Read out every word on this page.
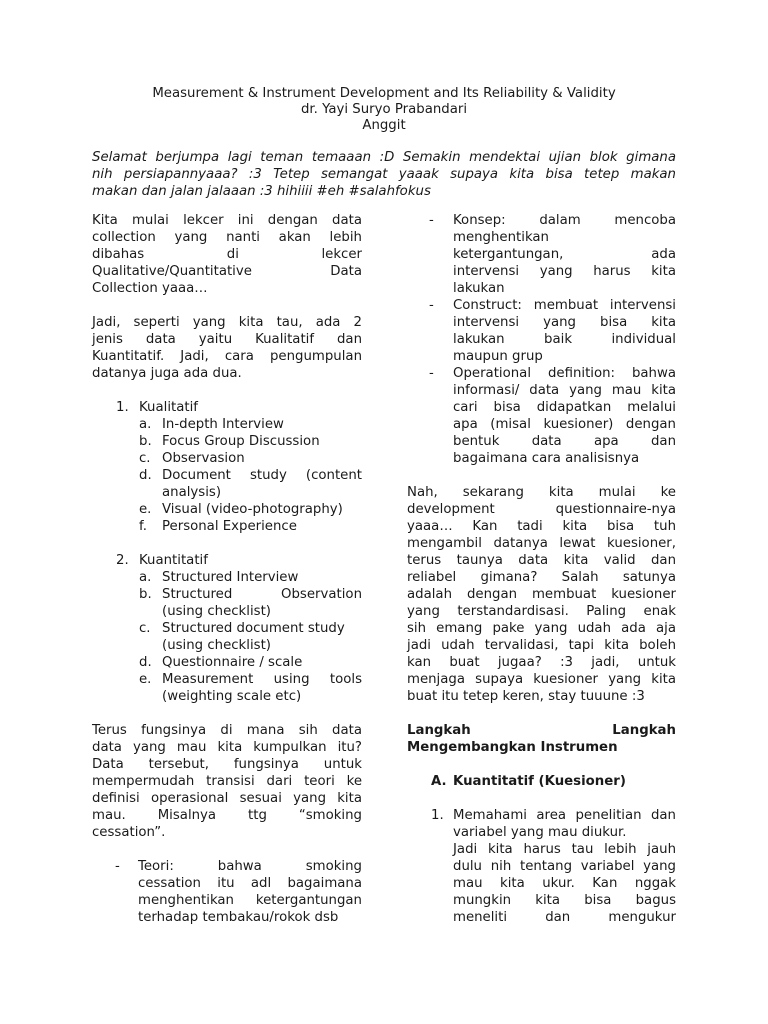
Measurement & Instrument Development and Its Reliability & Validity
dr. Yayi Suryo Prabandari
Anggit
Selamat berjumpa lagi teman temaaan :D Semakin mendektai ujian blok gimana
nih persiapannyaaa? :3 Tetep semangat yaaak supaya kita bisa tetep makan
makan dan jalan jalaaan :3 hihiiii #eh #salahfokus

Kita mulai lekcer ini dengan data
collection yang nanti akan lebih
dibahas di lekcer
Qualitative/Quantitative Data
Collection yaaa…

Jadi, seperti yang kita tau, ada 2
jenis data yaitu Kualitatif dan
Kuantitatif. Jadi, cara pengumpulan
datanya juga ada dua.

1. Kualitatif
a. In-depth Interview
b. Focus Group Discussion
c. Observasion
d. Document study (content analysis)
e. Visual (video-photography)
f. Personal Experience
2. Kuantitatif
a. Structured Interview
b. Structured Observation (using checklist)
c. Structured document study (using checklist)
d. Questionnaire / scale
e. Measurement using tools (weighting scale etc)

Terus fungsinya di mana sih data
data yang mau kita kumpulkan itu?
Data tersebut, fungsinya untuk
mempermudah transisi dari teori ke
definisi operasional sesuai yang kita
mau. Misalnya ttg “smoking
cessation”.

- Teori: bahwa smoking
cessation itu adl bagaimana
menghentikan ketergantungan
terhadap tembakau/rokok dsb
- Konsep: dalam mencoba
menghentikan
ketergantungan, ada
intervensi yang harus kita
lakukan
- Construct: membuat intervensi
intervensi yang bisa kita
lakukan baik individual
maupun grup
- Operational definition: bahwa
informasi/ data yang mau kita
cari bisa didapatkan melalui
apa (misal kuesioner) dengan
bentuk data apa dan
bagaimana cara analisisnya

Nah, sekarang kita mulai ke
development questionnaire-nya
yaaa… Kan tadi kita bisa tuh
mengambil datanya lewat kuesioner,
terus taunya data kita valid dan
reliabel gimana? Salah satunya
adalah dengan membuat kuesioner
yang terstandardisasi. Paling enak
sih emang pake yang udah ada aja
jadi udah tervalidasi, tapi kita boleh
kan buat jugaa? :3 jadi, untuk
menjaga supaya kuesioner yang kita
buat itu tetep keren, stay tuuune :3

Langkah Langkah
Mengembangkan Instrumen
A. Kuantitatif (Kuesioner)
1. Memahami area penelitian dan
variabel yang mau diukur.
Jadi kita harus tau lebih jauh
dulu nih tentang variabel yang
mau kita ukur. Kan nggak
mungkin kita bisa bagus
meneliti dan mengukur
